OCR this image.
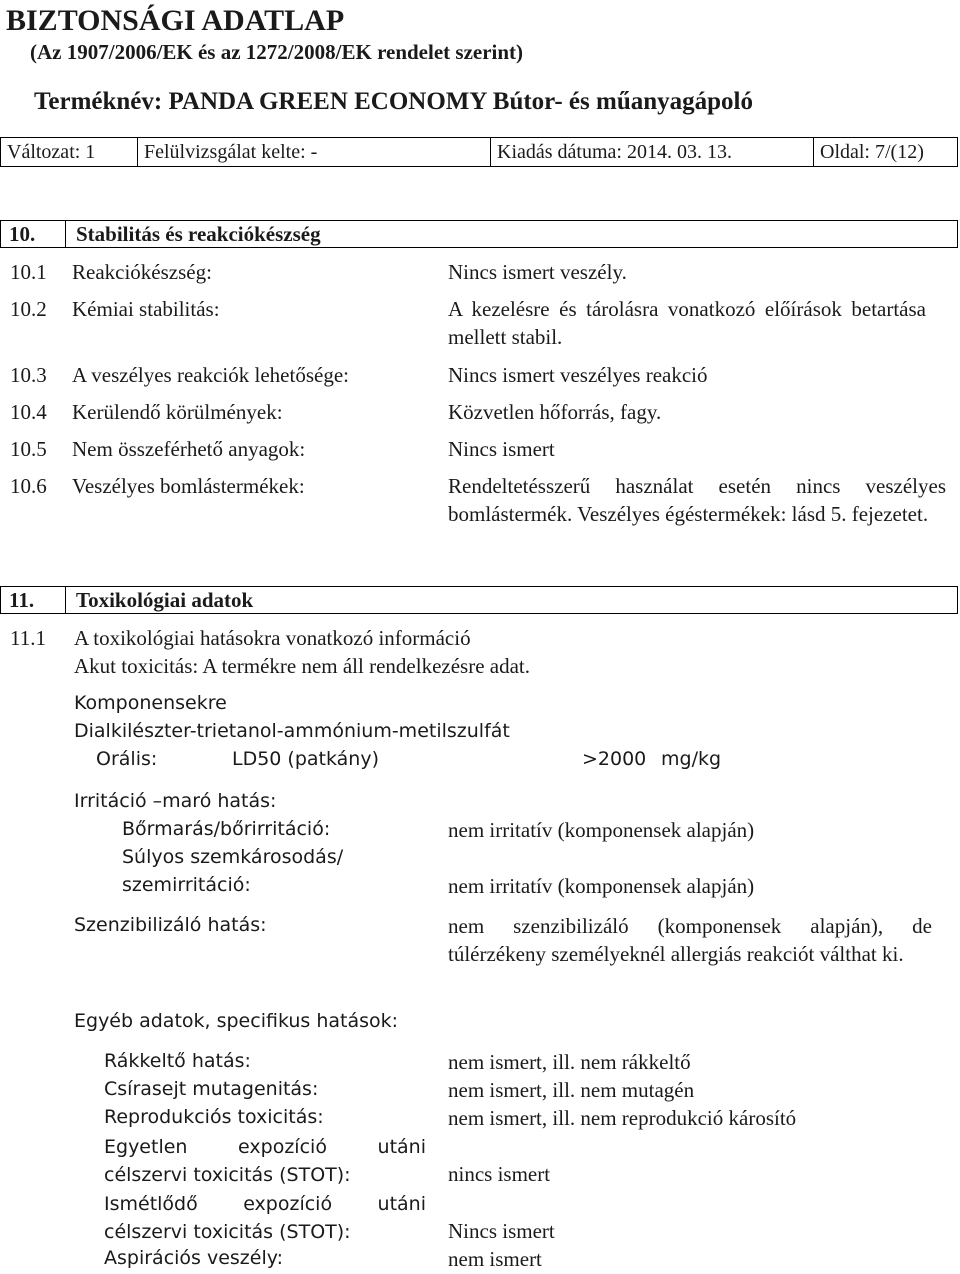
BIZTONSÁGI ADATLAP
(Az 1907/2006/EK és az 1272/2008/EK rendelet szerint)
Terméknév: PANDA GREEN ECONOMY Bútor- és műanyagápoló
Változat: 1	Felülvizsgálat kelte: -	Kiadás dátuma: 2014. 03. 13.	Oldal: 7/(12)
10.	Stabilitás és reakciókészség
10.1 Reakciókészség:	Nincs ismert veszély.
10.2 Kémiai stabilitás:	A kezelésre és tárolásra vonatkozó előírások betartása mellett stabil.
10.3 A veszélyes reakciók lehetősége:	Nincs ismert veszélyes reakció
10.4 Kerülendő körülmények:	Közvetlen hőforrás, fagy.
10.5 Nem összeférhető anyagok:	Nincs ismert
10.6 Veszélyes bomlástermékek:	Rendeltetésszerű használat esetén nincs veszélyes bomlástermék. Veszélyes égéstermékek: lásd 5. fejezetet.
11.	Toxikológiai adatok
11.1 A toxikológiai hatásokra vonatkozó információ
Akut toxicitás: A termékre nem áll rendelkezésre adat.
Komponensekre
Dialkilészter-trietanol-ammónium-metilszulfát
Orális:	LD50 (patkány)	>2000 mg/kg
Irritáció –maró hatás:
Bőrmarás/bőrirritáció:	nem irritatív (komponensek alapján)
Súlyos szemkárosodás/
szemirritáció:	nem irritatív (komponensek alapján)
Szenzibilizáló hatás:	nem szenzibilizáló (komponensek alapján), de túlérzékeny személyeknél allergiás reakciót válthat ki.
Egyéb adatok, specifikus hatások:
Rákkeltő hatás:	nem ismert, ill. nem rákkeltő
Csírasejt mutagenitás:	nem ismert, ill. nem mutagén
Reprodukciós toxicitás:	nem ismert, ill. nem reprodukció károsító
Egyetlen expozíció utáni célszervi toxicitás (STOT):	nincs ismert
Ismétlődő expozíció utáni célszervi toxicitás (STOT):	Nincs ismert
Aspirációs veszély:	nem ismert
